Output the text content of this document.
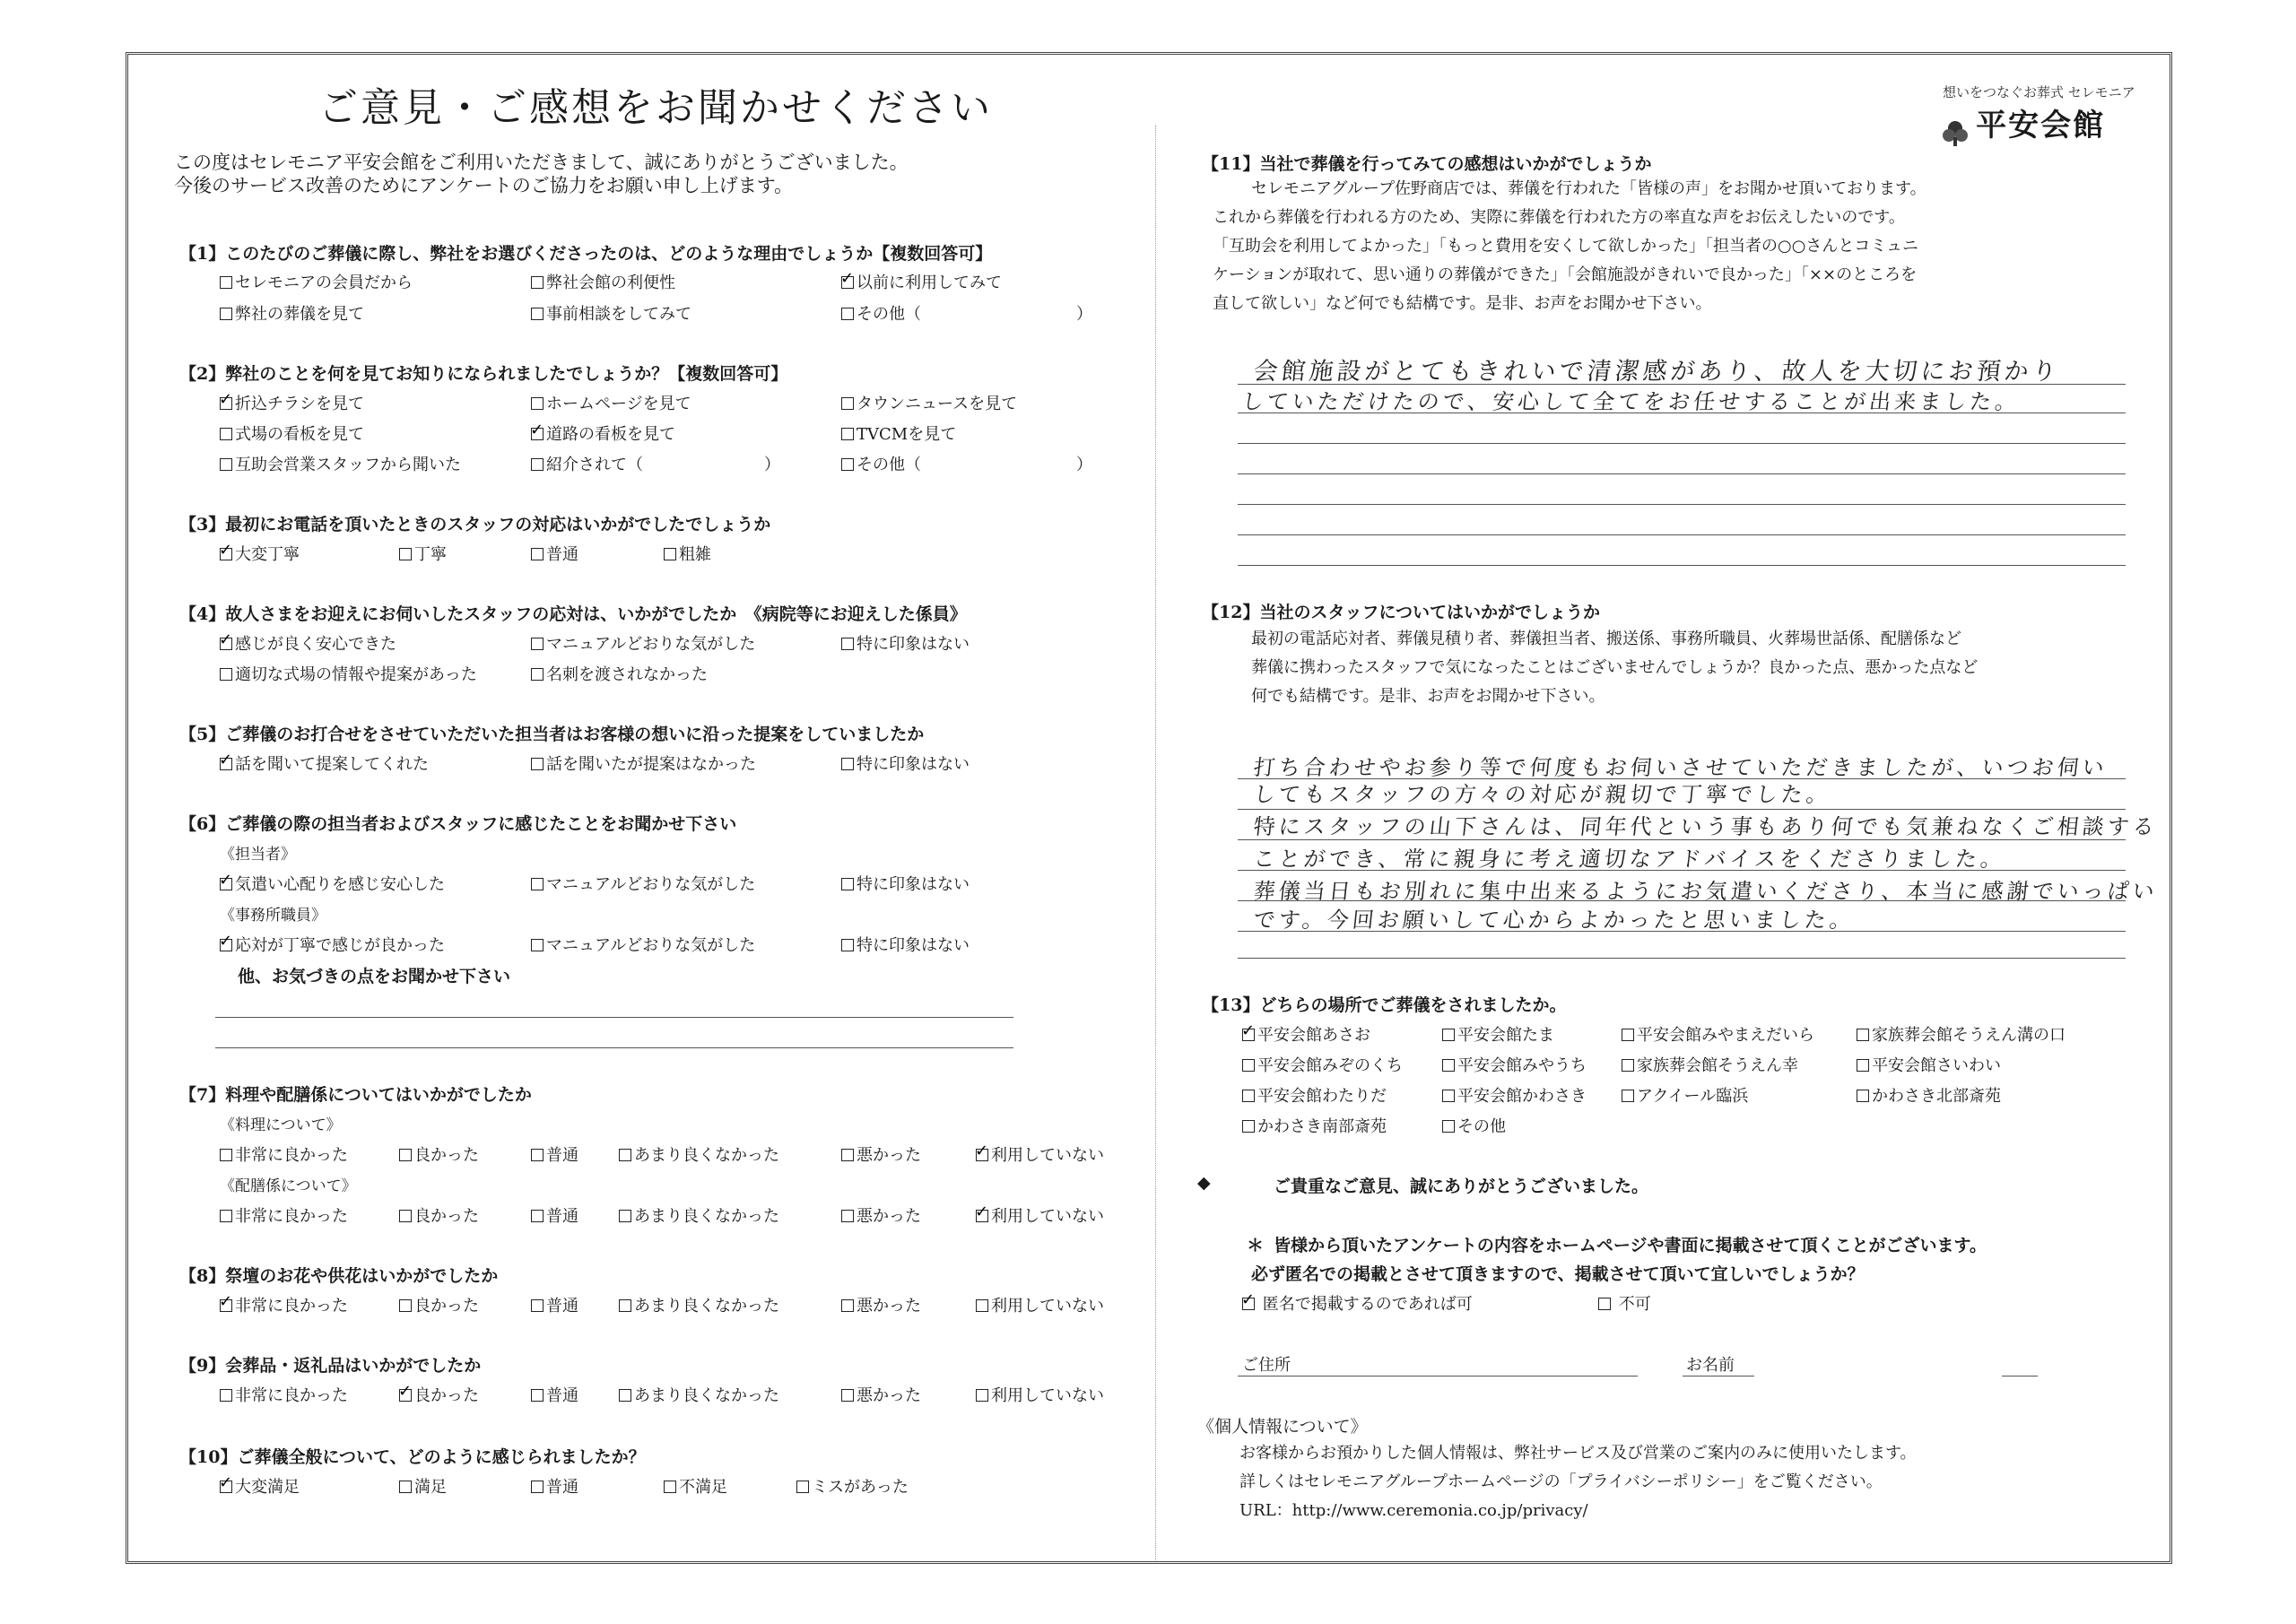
ご意見・ご感想をお聞かせください	想いをつなぐお葬式 セレモニア
平安会館
この度はセレモニア平安会館をご利用いただきまして、誠にありがとうございました。
今後のサービス改善のためにアンケートのご協力をお願い申し上げます。
【1】このたびのご葬儀に際し、弊社をお選びくださったのは、どのような理由でしょうか【複数回答可】
セレモニアの会員だから	弊社会館の利便性 ✓	以前に利用してみて
弊社の葬儀を見て	事前相談をしてみて	その他（	）
【2】弊社のことを何を見てお知りになられましたでしょうか？【複数回答可】
✓折込チラシを見て	ホームページを見て	タウンニュースを見て
式場の看板を見て ✓	道路の看板を見て	TVCMを見て
互助会営業スタッフから聞いた	紹介されて（	）	その他（	）
【3】最初にお電話を頂いたときのスタッフの対応はいかがでしたでしょうか
✓大変丁寧	丁寧	普通	粗雑
【4】故人さまをお迎えにお伺いしたスタッフの応対は、いかがでしたか　《病院等にお迎えした係員》
✓感じが良く安心できた	マニュアルどおりな気がした	特に印象はない
適切な式場の情報や提案があった	名刺を渡されなかった
【5】ご葬儀のお打合せをさせていただいた担当者はお客様の想いに沿った提案をしていましたか
✓話を聞いて提案してくれた	話を聞いたが提案はなかった	特に印象はない
【6】ご葬儀の際の担当者およびスタッフに感じたことをお聞かせ下さい
《担当者》
✓気遣い心配りを感じ安心した	マニュアルどおりな気がした	特に印象はない
《事務所職員》
✓応対が丁寧で感じが良かった	マニュアルどおりな気がした	特に印象はない
他、お気づきの点をお聞かせ下さい
【7】料理や配膳係についてはいかがでしたか
《料理について》
非常に良かった	良かった	普通	あまり良くなかった	悪かった ✓	利用していない
《配膳係について》
非常に良かった	良かった	普通	あまり良くなかった	悪かった ✓	利用していない
【8】祭壇のお花や供花はいかがでしたか
✓非常に良かった	良かった	普通	あまり良くなかった	悪かった	利用していない
【9】会葬品・返礼品はいかがでしたか
非常に良かった ✓	良かった	普通	あまり良くなかった	悪かった	利用していない
【10】ご葬儀全般について、どのように感じられましたか？
✓大変満足	満足	普通	不満足	ミスがあった
【11】当社で葬儀を行ってみての感想はいかがでしょうか
セレモニアグループ佐野商店では、葬儀を行われた「皆様の声」をお聞かせ頂いております。
これから葬儀を行われる方のため、実際に葬儀を行われた方の率直な声をお伝えしたいのです。
「互助会を利用してよかった」「もっと費用を安くして欲しかった」「担当者の○○さんとコミュニ
ケーションが取れて、思い通りの葬儀ができた」「会館施設がきれいで良かった」「××のところを
直して欲しい」など何でも結構です。是非、お声をお聞かせ下さい。
会館施設がとてもきれいで清潔感があり、故人を大切にお預かり
していただけたので、安心して全てをお任せすることが出来ました。
【12】当社のスタッフについてはいかがでしょうか
最初の電話応対者、葬儀見積り者、葬儀担当者、搬送係、事務所職員、火葬場世話係、配膳係など
葬儀に携わったスタッフで気になったことはございませんでしょうか？良かった点、悪かった点など
何でも結構です。是非、お声をお聞かせ下さい。
打ち合わせやお参り等で何度もお伺いさせていただきましたが、いつお伺い
してもスタッフの方々の対応が親切で丁寧でした。
特にスタッフの山下さんは、同年代という事もあり何でも気兼ねなくご相談する
ことができ、常に親身に考え適切なアドバイスをくださりました。
葬儀当日もお別れに集中出来るようにお気遣いくださり、本当に感謝でいっぱい
です。今回お願いして心からよかったと思いました。
【13】どちらの場所でご葬儀をされましたか。
✓平安会館あさお	平安会館たま	平安会館みやまえだいら	家族葬会館そうえん溝の口
平安会館みぞのくち	平安会館みやうち	家族葬会館そうえん幸	平安会館さいわい
平安会館わたりだ	平安会館かわさき	アクイール臨浜	かわさき北部斎苑
かわさき南部斎苑	その他
◆	ご貴重なご意見、誠にありがとうございました。
＊ 皆様から頂いたアンケートの内容をホームページや書面に掲載させて頂くことがございます。
必ず匿名での掲載とさせて頂きますので、掲載させて頂いて宜しいでしょうか？
✓ 匿名で掲載するのであれば可	不可
ご住所	お名前
《個人情報について》
お客様からお預かりした個人情報は、弊社サービス及び営業のご案内のみに使用いたします。
詳しくはセレモニアグループホームページの「プライバシーポリシー」をご覧ください。
URL：http://www.ceremonia.co.jp/privacy/
